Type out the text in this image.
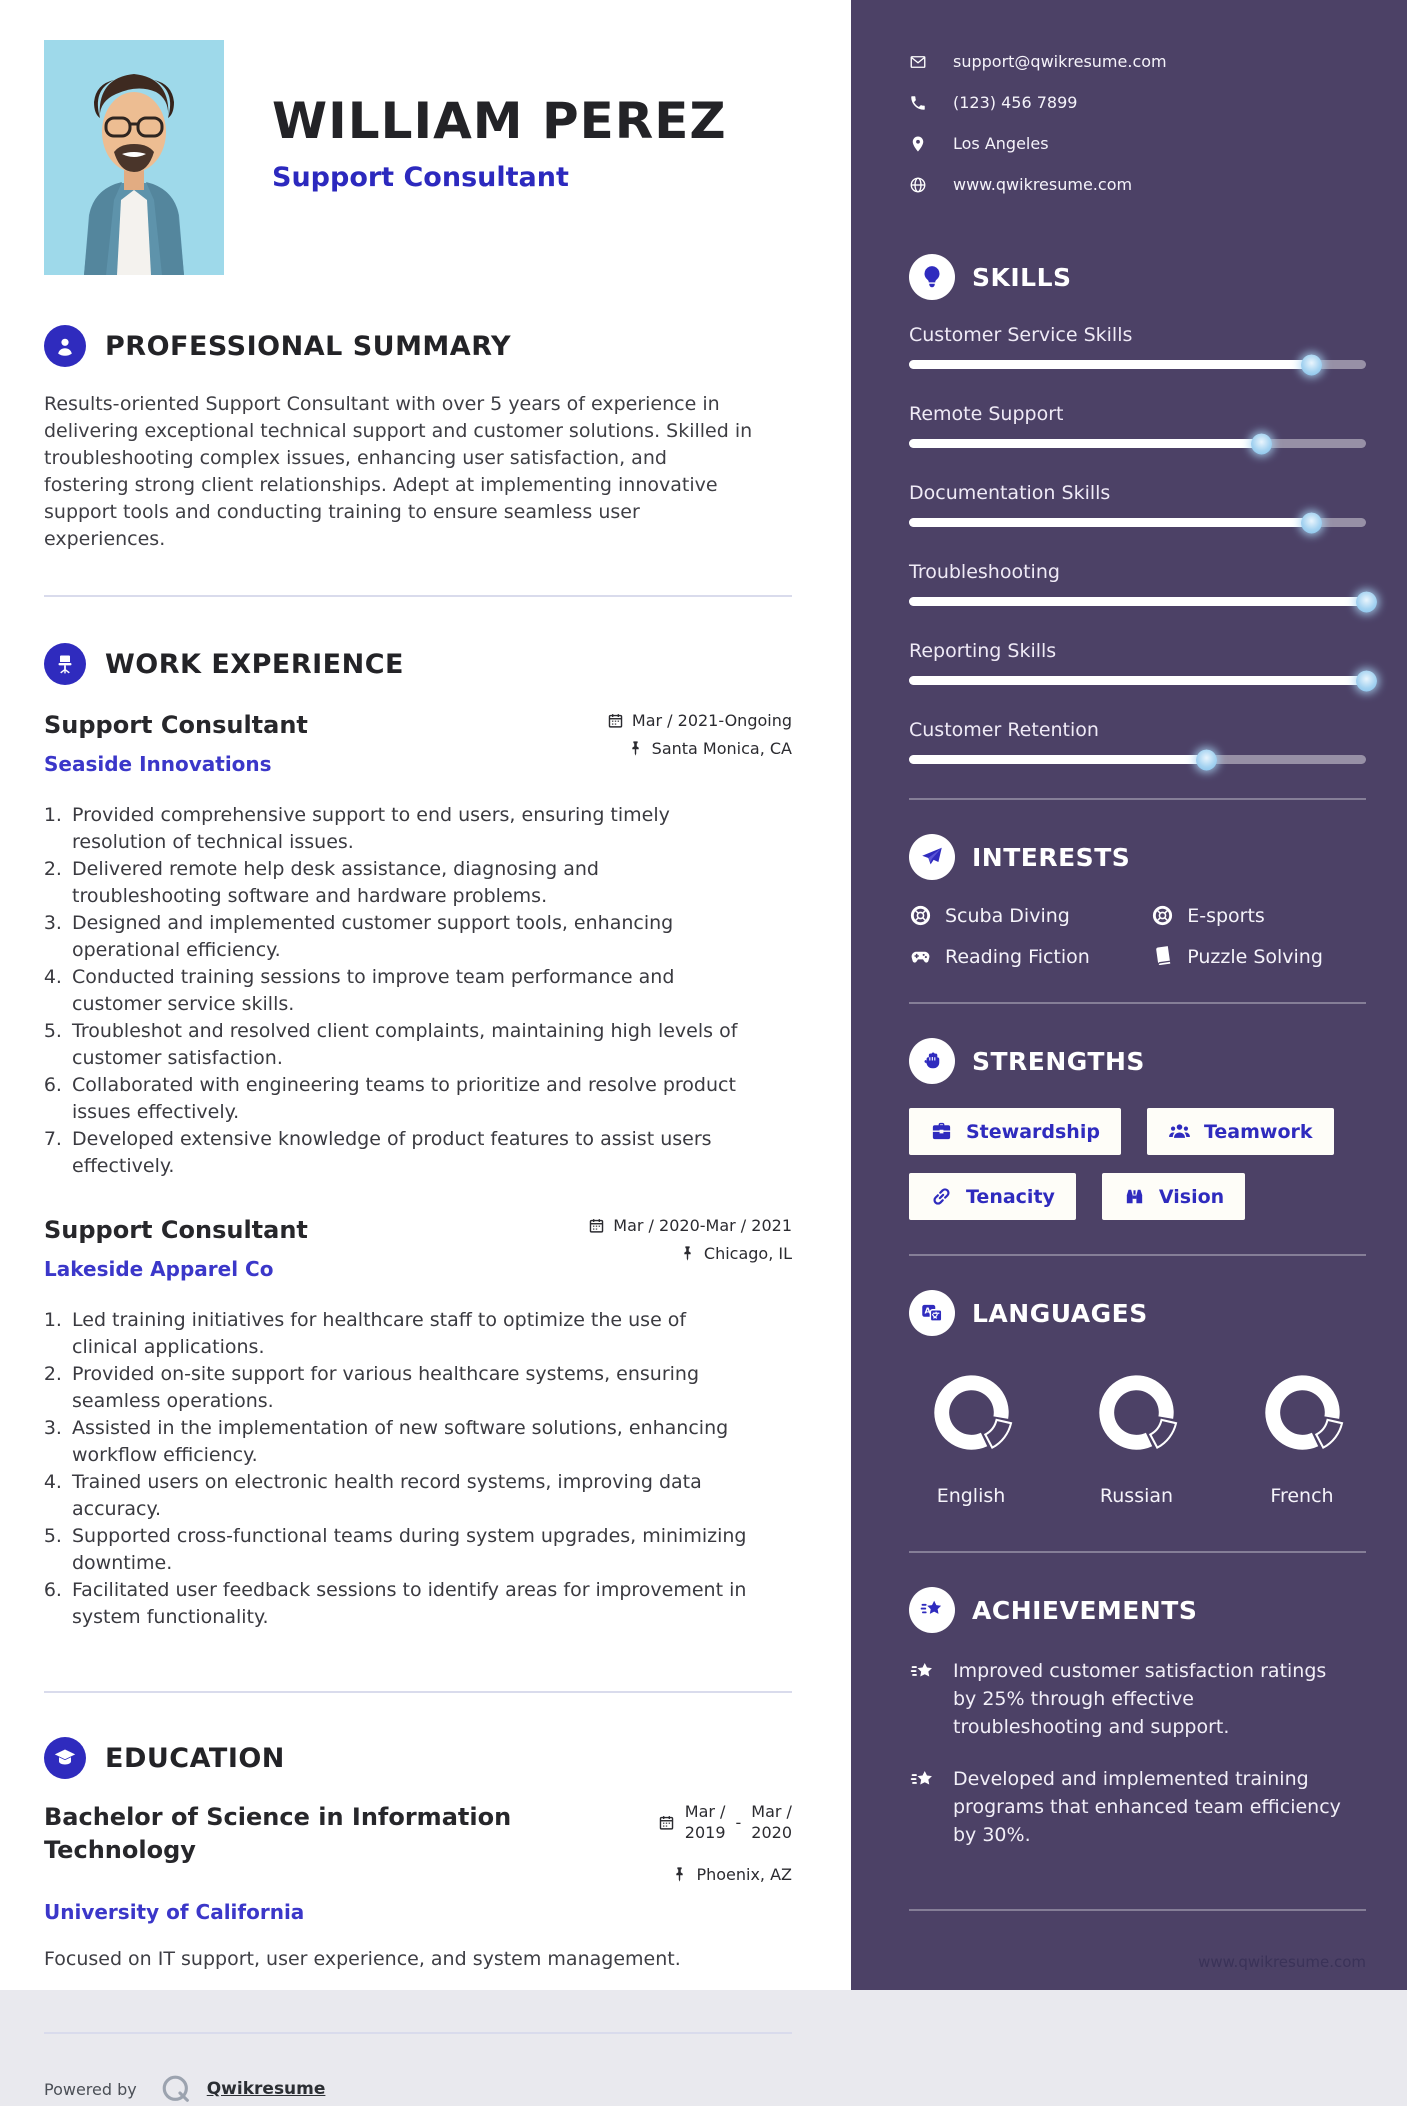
WILLIAM PEREZ
Support Consultant
PROFESSIONAL SUMMARY

Results-oriented Support Consultant with over 5 years of experience in delivering exceptional technical support and customer solutions. Skilled in troubleshooting complex issues, enhancing user satisfaction, and fostering strong client relationships. Adept at implementing innovative support tools and conducting training to ensure seamless user experiences.

WORK EXPERIENCE
Support Consultant	Mar / 2021-Ongoing
Seaside Innovations
Santa Monica, CA
1. Provided comprehensive support to end users, ensuring timely resolution of technical issues.
2. Delivered remote help desk assistance, diagnosing and troubleshooting software and hardware problems.
3. Designed and implemented customer support tools, enhancing operational efficiency.
4. Conducted training sessions to improve team performance and customer service skills.
5. Troubleshot and resolved client complaints, maintaining high levels of customer satisfaction.
6. Collaborated with engineering teams to prioritize and resolve product issues effectively.
7. Developed extensive knowledge of product features to assist users effectively.
Support Consultant	Mar / 2020-Mar / 2021
Lakeside Apparel Co
Chicago, IL
1. Led training initiatives for healthcare staff to optimize the use of clinical applications.
2. Provided on-site support for various healthcare systems, ensuring seamless operations.
3. Assisted in the implementation of new software solutions, enhancing workflow efficiency.
4. Trained users on electronic health record systems, improving data accuracy.
5. Supported cross-functional teams during system upgrades, minimizing downtime.
6. Facilitated user feedback sessions to identify areas for improvement in system functionality.
EDUCATION
Bachelor of Science in Information Technology
Mar /
2019
-
Mar /
2020
Phoenix, AZ
University of California

Focused on IT support, user experience, and system management.

Powered by	Qwikresume
support@qwikresume.com
(123) 456 7899
Los Angeles
www.qwikresume.com
SKILLS
Customer Service Skills
Remote Support
Documentation Skills
Troubleshooting
Reporting Skills
Customer Retention
INTERESTS
Scuba Diving	E-sports
Reading Fiction	Puzzle Solving
STRENGTHS
Stewardship	Teamwork
Tenacity	Vision
A LANGUAGES
English	Russian	French
ACHIEVEMENTS

Improved customer satisfaction ratings by 25% through effective troubleshooting and support.

Developed and implemented training programs that enhanced team efficiency by 30%.

www.qwikresume.com
